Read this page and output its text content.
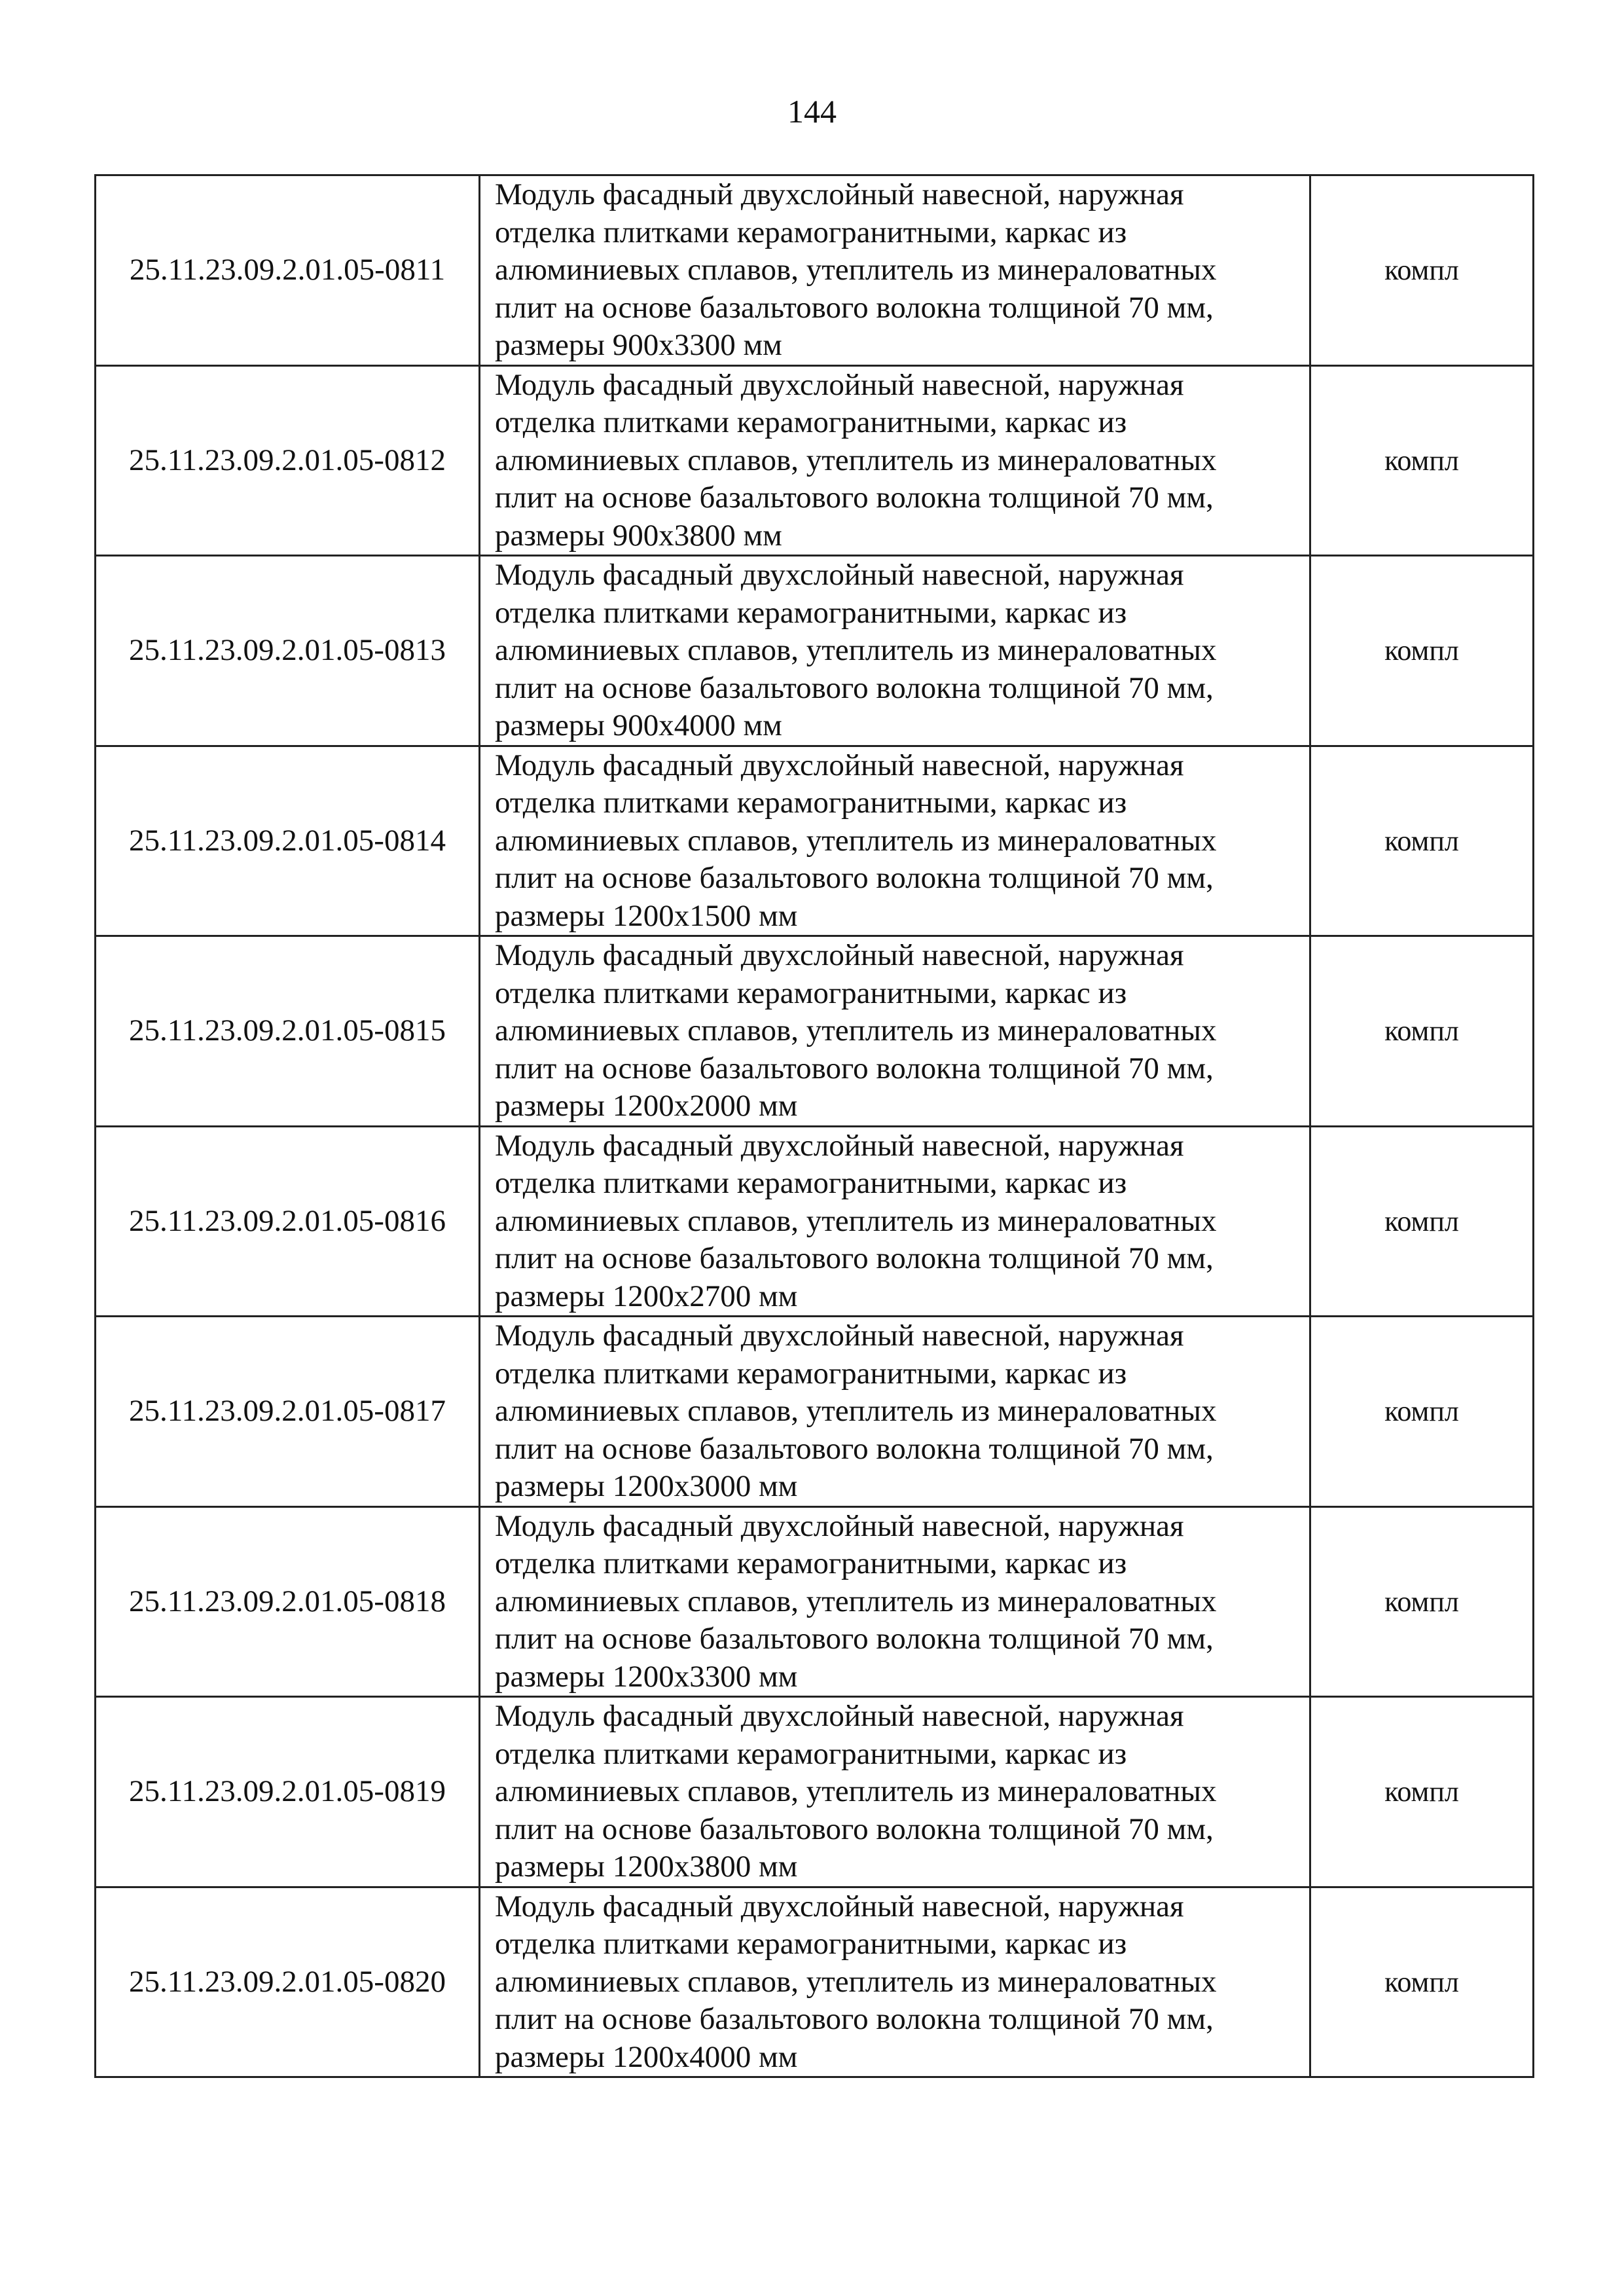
144
25.11.23.09.2.01.05-0811	Модуль фасадный двухслойный навесной, наружная
отделка плитками керамогранитными, каркас из
алюминиевых сплавов, утеплитель из минераловатных
плит на основе базальтового волокна толщиной 70 мм,
размеры 900х3300 мм	компл
25.11.23.09.2.01.05-0812	Модуль фасадный двухслойный навесной, наружная
отделка плитками керамогранитными, каркас из
алюминиевых сплавов, утеплитель из минераловатных
плит на основе базальтового волокна толщиной 70 мм,
размеры 900х3800 мм	компл
25.11.23.09.2.01.05-0813	Модуль фасадный двухслойный навесной, наружная
отделка плитками керамогранитными, каркас из
алюминиевых сплавов, утеплитель из минераловатных
плит на основе базальтового волокна толщиной 70 мм,
размеры 900х4000 мм	компл
25.11.23.09.2.01.05-0814	Модуль фасадный двухслойный навесной, наружная
отделка плитками керамогранитными, каркас из
алюминиевых сплавов, утеплитель из минераловатных
плит на основе базальтового волокна толщиной 70 мм,
размеры 1200х1500 мм	компл
25.11.23.09.2.01.05-0815	Модуль фасадный двухслойный навесной, наружная
отделка плитками керамогранитными, каркас из
алюминиевых сплавов, утеплитель из минераловатных
плит на основе базальтового волокна толщиной 70 мм,
размеры 1200х2000 мм	компл
25.11.23.09.2.01.05-0816	Модуль фасадный двухслойный навесной, наружная
отделка плитками керамогранитными, каркас из
алюминиевых сплавов, утеплитель из минераловатных
плит на основе базальтового волокна толщиной 70 мм,
размеры 1200х2700 мм	компл
25.11.23.09.2.01.05-0817	Модуль фасадный двухслойный навесной, наружная
отделка плитками керамогранитными, каркас из
алюминиевых сплавов, утеплитель из минераловатных
плит на основе базальтового волокна толщиной 70 мм,
размеры 1200х3000 мм	компл
25.11.23.09.2.01.05-0818	Модуль фасадный двухслойный навесной, наружная
отделка плитками керамогранитными, каркас из
алюминиевых сплавов, утеплитель из минераловатных
плит на основе базальтового волокна толщиной 70 мм,
размеры 1200х3300 мм	компл
25.11.23.09.2.01.05-0819	Модуль фасадный двухслойный навесной, наружная
отделка плитками керамогранитными, каркас из
алюминиевых сплавов, утеплитель из минераловатных
плит на основе базальтового волокна толщиной 70 мм,
размеры 1200х3800 мм	компл
25.11.23.09.2.01.05-0820	Модуль фасадный двухслойный навесной, наружная
отделка плитками керамогранитными, каркас из
алюминиевых сплавов, утеплитель из минераловатных
плит на основе базальтового волокна толщиной 70 мм,
размеры 1200х4000 мм	компл
